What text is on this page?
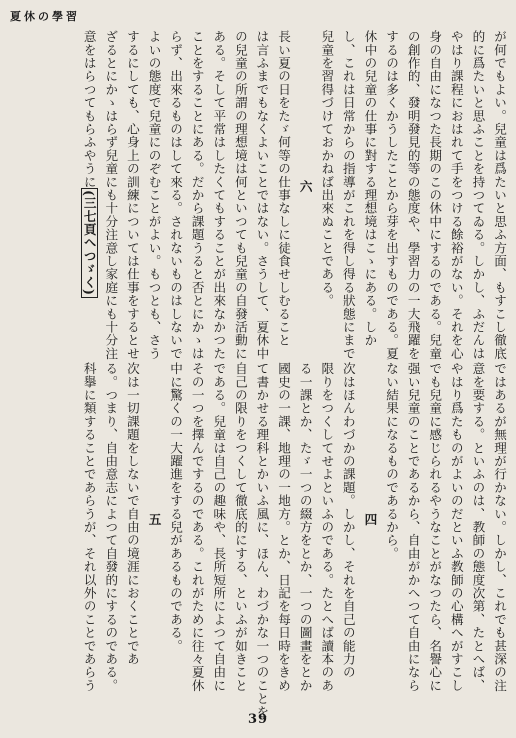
夏休の學習
が何でもよい。兒童は爲たいと思ふ方面、もすこし徹底
的に爲たいと思ふことを持つてゐる。しかし、ふだんは
やはり課程におはれて手をつける餘裕がない。それを心
身の自由になつた長期のこの休中にするのである。兒童
の創作的、發明發見的等の態度や、學習力の一大飛躍を
するのは多くかうしたことから芽を出すものである。夏
休中の兒童の仕事に對する理想境はこゝにある。しか
し、これは日常からの指導がこれを得し得る狀態にまで
兒童を習得づけておかねば出來ぬことである。
六
長い夏の日をたゞ何等の仕事なしに徒食せしむること
は言ふまでもなくよいことではない。さうして、夏休中
の兒童の所謂の理想境は何といつても兒童の自發活動に
ある。そして平常はしたくてもすることが出來なかつた
ことをすることにある。だから課題うると否とにかゝは
らず、出來るものはして來る。されないものはしないで
よいの態度で兒童にのぞむことがよい。もつとも、さう
するにしても、心身上の訓練については仕事をするとせ
ざるとにかゝはらず兒童にも十分注意し家庭にも十分注
意をはらつてもらふやうに(三七頁へつゞく)
ではあるが無理が行かない。しかし、これでも甚深の注
意を要する。といふのは、教師の態度次第、たとへば、
やはり爲たものがよいのだといふ教師の心構へがすこし
でも兒童に感じられるやうなことがなつたら、名譽心に
强い兒童のことであるから、自由がかへつて自由になら
ない結果になるものであるから。
四
次はほんわづかの課題。しかし、それを自己の能力の
限りをつくしてせよといふのである。たとへば讀本のあ
る一課とか、たゞ一つの綴方をとか、一つの圖畫をとか
國史の一課、地理の一地方。とか、日記を每日時をきめ
て書かせる理科とかいふ風に、ほん、わづかな一つのことを
自己の限りをつくして徹底的にする、といふが如きこと
である。兒童は自己の趣味や、長所短所によつて自由に
その一つを擇んでするのである。これがために往々夏休
中に驚くの一大躍進をする兒があるものである。
五
次は一切課題をしないで自由の境涯におくことであ
る。つまり、自由意志によつて自發的にするのである。
科擧に類することであらうが、それ以外のことであらう
39
